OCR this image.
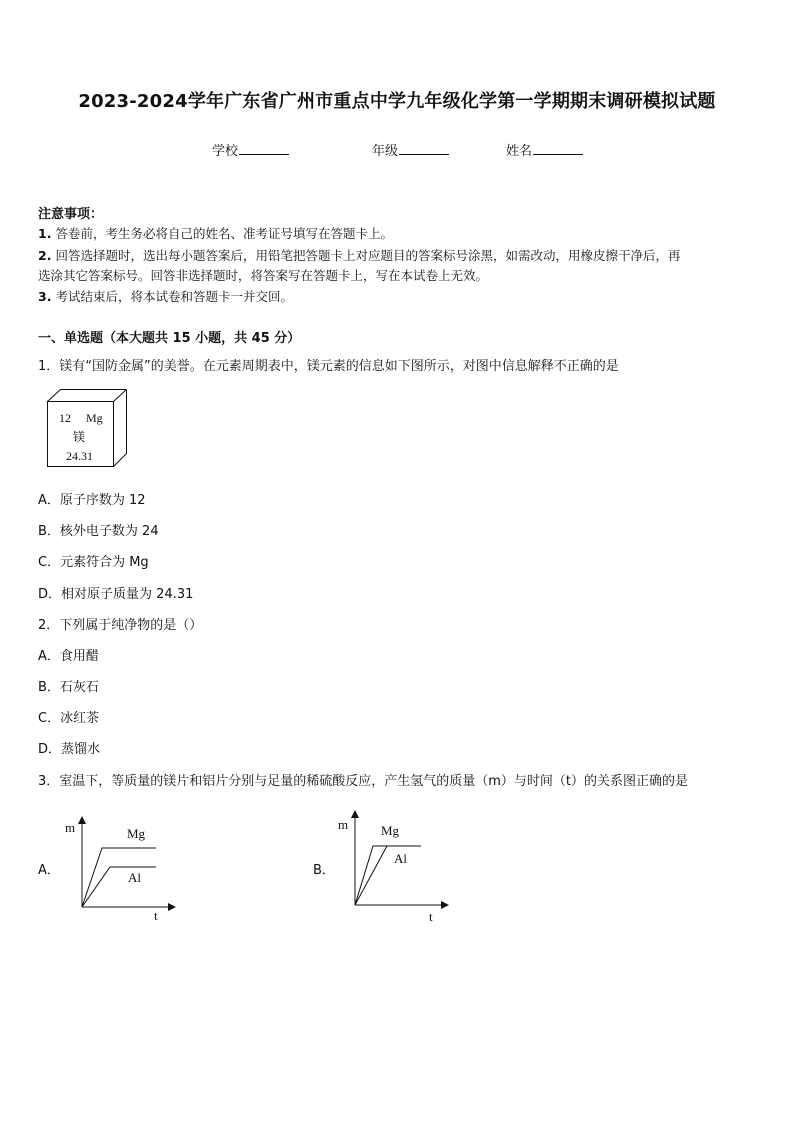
2023-2024学年广东省广州市重点中学九年级化学第一学期期末调研模拟试题
学校	年级	姓名
注意事项：
1. 答卷前，考生务必将自己的姓名、准考证号填写在答题卡上。
2. 回答选择题时，选出每小题答案后，用铅笔把答题卡上对应题目的答案标号涂黑，如需改动，用橡皮擦干净后，再
选涂其它答案标号。回答非选择题时，将答案写在答题卡上，写在本试卷上无效。
3. 考试结束后，将本试卷和答题卡一并交回。
一、单选题（本大题共 15 小题，共 45 分）
1．镁有“国防金属”的美誉。在元素周期表中，镁元素的信息如下图所示，对图中信息解释不正确的是
12 Mg
镁
24.31
A．原子序数为 12
B．核外电子数为 24
C．元素符合为 Mg
D．相对原子质量为 24.31
2．下列属于纯净物的是（）
A．食用醋
B．石灰石
C．冰红茶
D．蒸馏水
3．室温下，等质量的镁片和铝片分别与足量的稀硫酸反应，产生氢气的质量（m）与时间（t）的关系图正确的是
A．
m
t
Mg
Al	B．
m
t
Mg
Al
